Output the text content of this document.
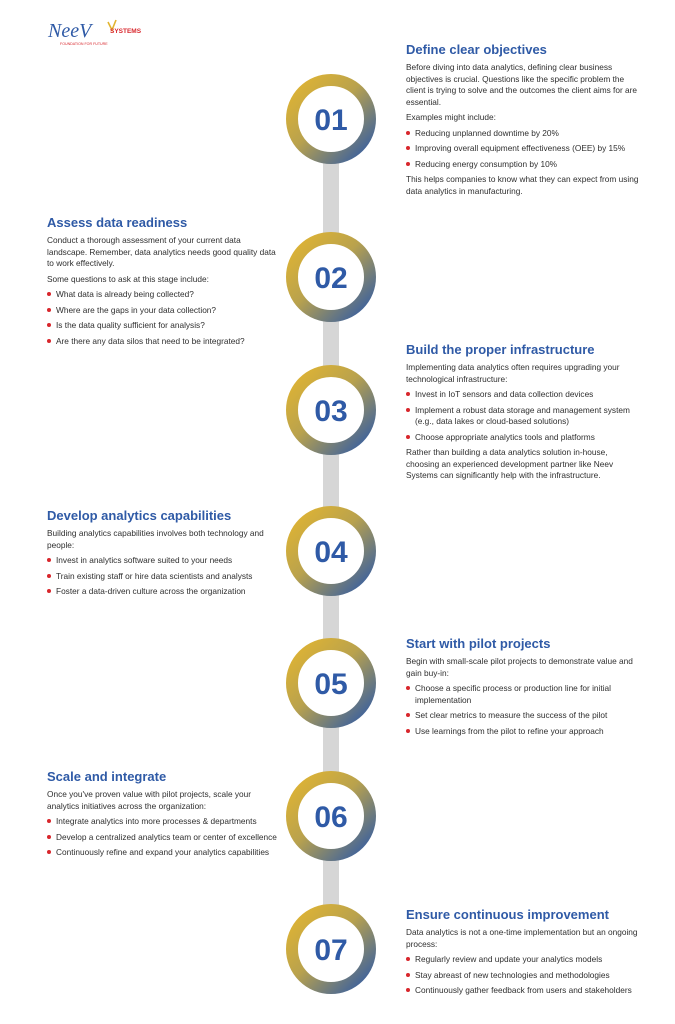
NeeV	SYSTEMS
FOUNDATION FOR FUTURE
01
Define clear objectives

Before diving into data analytics, defining clear business objectives is crucial. Questions like the specific problem the client is trying to solve and the outcomes the client aims for are essential.

Examples might include:

Reducing unplanned downtime by 20%
Improving overall equipment effectiveness (OEE) by 15%
Reducing energy consumption by 10%

This helps companies to know what they can expect from using data analytics in manufacturing.

02
Assess data readiness

Conduct a thorough assessment of your current data landscape. Remember, data analytics needs good quality data to work effectively.

Some questions to ask at this stage include:

What data is already being collected?
Where are the gaps in your data collection?
Is the data quality sufficient for analysis?
Are there any data silos that need to be integrated?
03
Build the proper infrastructure

Implementing data analytics often requires upgrading your technological infrastructure:

Invest in IoT sensors and data collection devices
Implement a robust data storage and management system (e.g., data lakes or cloud-based solutions)
Choose appropriate analytics tools and platforms

Rather than building a data analytics solution in-house, choosing an experienced development partner like Neev Systems can significantly help with the infrastructure.

04
Develop analytics capabilities

Building analytics capabilities involves both technology and people:

Invest in analytics software suited to your needs
Train existing staff or hire data scientists and analysts
Foster a data-driven culture across the organization
05
Start with pilot projects

Begin with small-scale pilot projects to demonstrate value and gain buy-in:

Choose a specific process or production line for initial implementation
Set clear metrics to measure the success of the pilot
Use learnings from the pilot to refine your approach
06
Scale and integrate

Once you've proven value with pilot projects, scale your analytics initiatives across the organization:

Integrate analytics into more processes & departments
Develop a centralized analytics team or center of excellence
Continuously refine and expand your analytics capabilities
07
Ensure continuous improvement

Data analytics is not a one-time implementation but an ongoing process:

Regularly review and update your analytics models
Stay abreast of new technologies and methodologies
Continuously gather feedback from users and stakeholders
